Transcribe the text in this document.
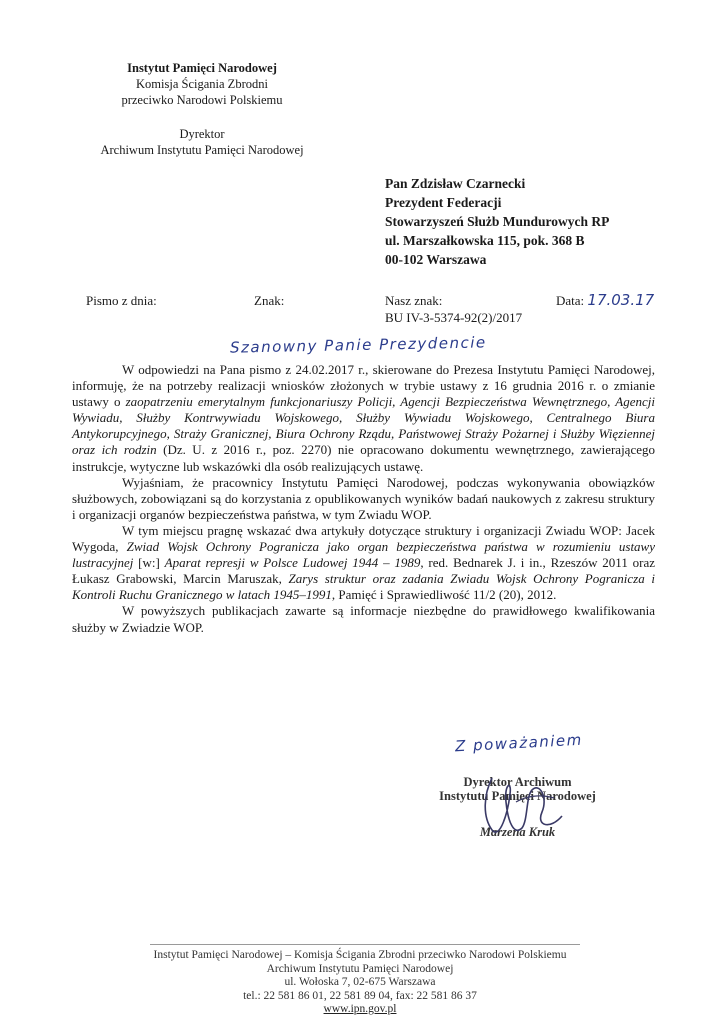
Instytut Pamięci Narodowej
Komisja Ścigania Zbrodni
przeciwko Narodowi Polskiemu
Dyrektor
Archiwum Instytutu Pamięci Narodowej
Pan Zdzisław Czarnecki
Prezydent Federacji
Stowarzyszeń Służb Mundurowych RP
ul. Marszałkowska 115, pok. 368 B
00-102 Warszawa
Pismo z dnia:	Znak:	Nasz znak:
BU IV-3-5374-92(2)/2017
Data: 17.03.17
Szanowny Panie Prezydencie

W odpowiedzi na Pana pismo z 24.02.2017 r., skierowane do Prezesa Instytutu Pamięci Narodowej, informuję, że na potrzeby realizacji wniosków złożonych w trybie ustawy z 16 grudnia 2016 r. o zmianie ustawy o zaopatrzeniu emerytalnym funkcjonariuszy Policji, Agencji Bezpieczeństwa Wewnętrznego, Agencji Wywiadu, Służby Kontrwywiadu Wojskowego, Służby Wywiadu Wojskowego, Centralnego Biura Antykorupcyjnego, Straży Granicznej, Biura Ochrony Rządu, Państwowej Straży Pożarnej i Służby Więziennej oraz ich rodzin (Dz. U. z 2016 r., poz. 2270) nie opracowano dokumentu wewnętrznego, zawierającego instrukcje, wytyczne lub wskazówki dla osób realizujących ustawę.

Wyjaśniam, że pracownicy Instytutu Pamięci Narodowej, podczas wykonywania obowiązków służbowych, zobowiązani są do korzystania z opublikowanych wyników badań naukowych z zakresu struktury i organizacji organów bezpieczeństwa państwa, w tym Zwiadu WOP.

W tym miejscu pragnę wskazać dwa artykuły dotyczące struktury i organizacji Zwiadu WOP: Jacek Wygoda, Zwiad Wojsk Ochrony Pogranicza jako organ bezpieczeństwa państwa w rozumieniu ustawy lustracyjnej [w:] Aparat represji w Polsce Ludowej 1944 – 1989, red. Bednarek J. i in., Rzeszów 2011 oraz Łukasz Grabowski, Marcin Maruszak, Zarys struktur oraz zadania Zwiadu Wojsk Ochrony Pogranicza i Kontroli Ruchu Granicznego w latach 1945–1991, Pamięć i Sprawiedliwość 11/2 (20), 2012.

W powyższych publikacjach zawarte są informacje niezbędne do prawidłowego kwalifikowania służby w Zwiadzie WOP.

Z poważaniem
Dyrektor Archiwum
Instytutu Pamięci Narodowej
Marzena Kruk
Instytut Pamięci Narodowej – Komisja Ścigania Zbrodni przeciwko Narodowi Polskiemu
Archiwum Instytutu Pamięci Narodowej
ul. Wołoska 7, 02-675 Warszawa
tel.: 22 581 86 01, 22 581 89 04, fax: 22 581 86 37
www.ipn.gov.pl
